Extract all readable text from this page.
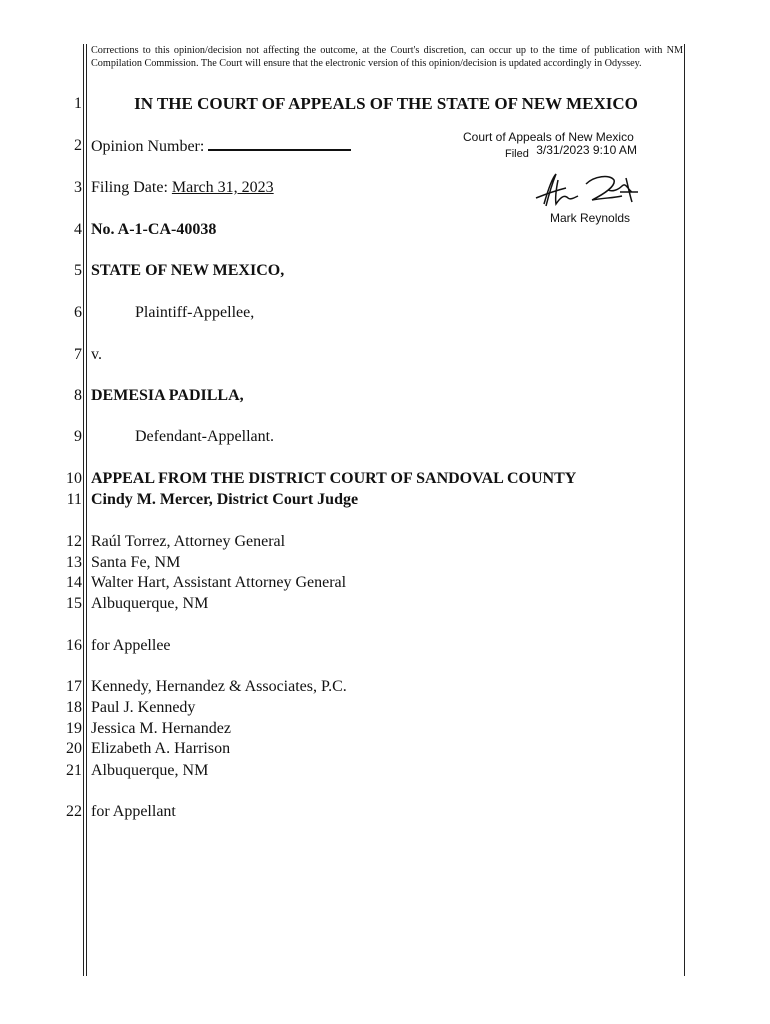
Corrections to this opinion/decision not affecting the outcome, at the Court's discretion, can occur up to the time of publication with NM Compilation Commission. The Court will ensure that the electronic version of this opinion/decision is updated accordingly in Odyssey.
1
2
3
4
5
6
7
8
9
10
11
12
13
14
15
16
17
18
19
20
21
22
IN THE COURT OF APPEALS OF THE STATE OF NEW MEXICO
Opinion Number:
Court of Appeals of New Mexico
Filed 3/31/2023 9:10 AM
Mark Reynolds
Filing Date: March 31, 2023
No. A-1-CA-40038
STATE OF NEW MEXICO,
Plaintiff-Appellee,
v.
DEMESIA PADILLA,
Defendant-Appellant.
APPEAL FROM THE DISTRICT COURT OF SANDOVAL COUNTY
Cindy M. Mercer, District Court Judge
Raúl Torrez, Attorney General
Santa Fe, NM
Walter Hart, Assistant Attorney General
Albuquerque, NM
for Appellee
Kennedy, Hernandez & Associates, P.C.
Paul J. Kennedy
Jessica M. Hernandez
Elizabeth A. Harrison
Albuquerque, NM
for Appellant
